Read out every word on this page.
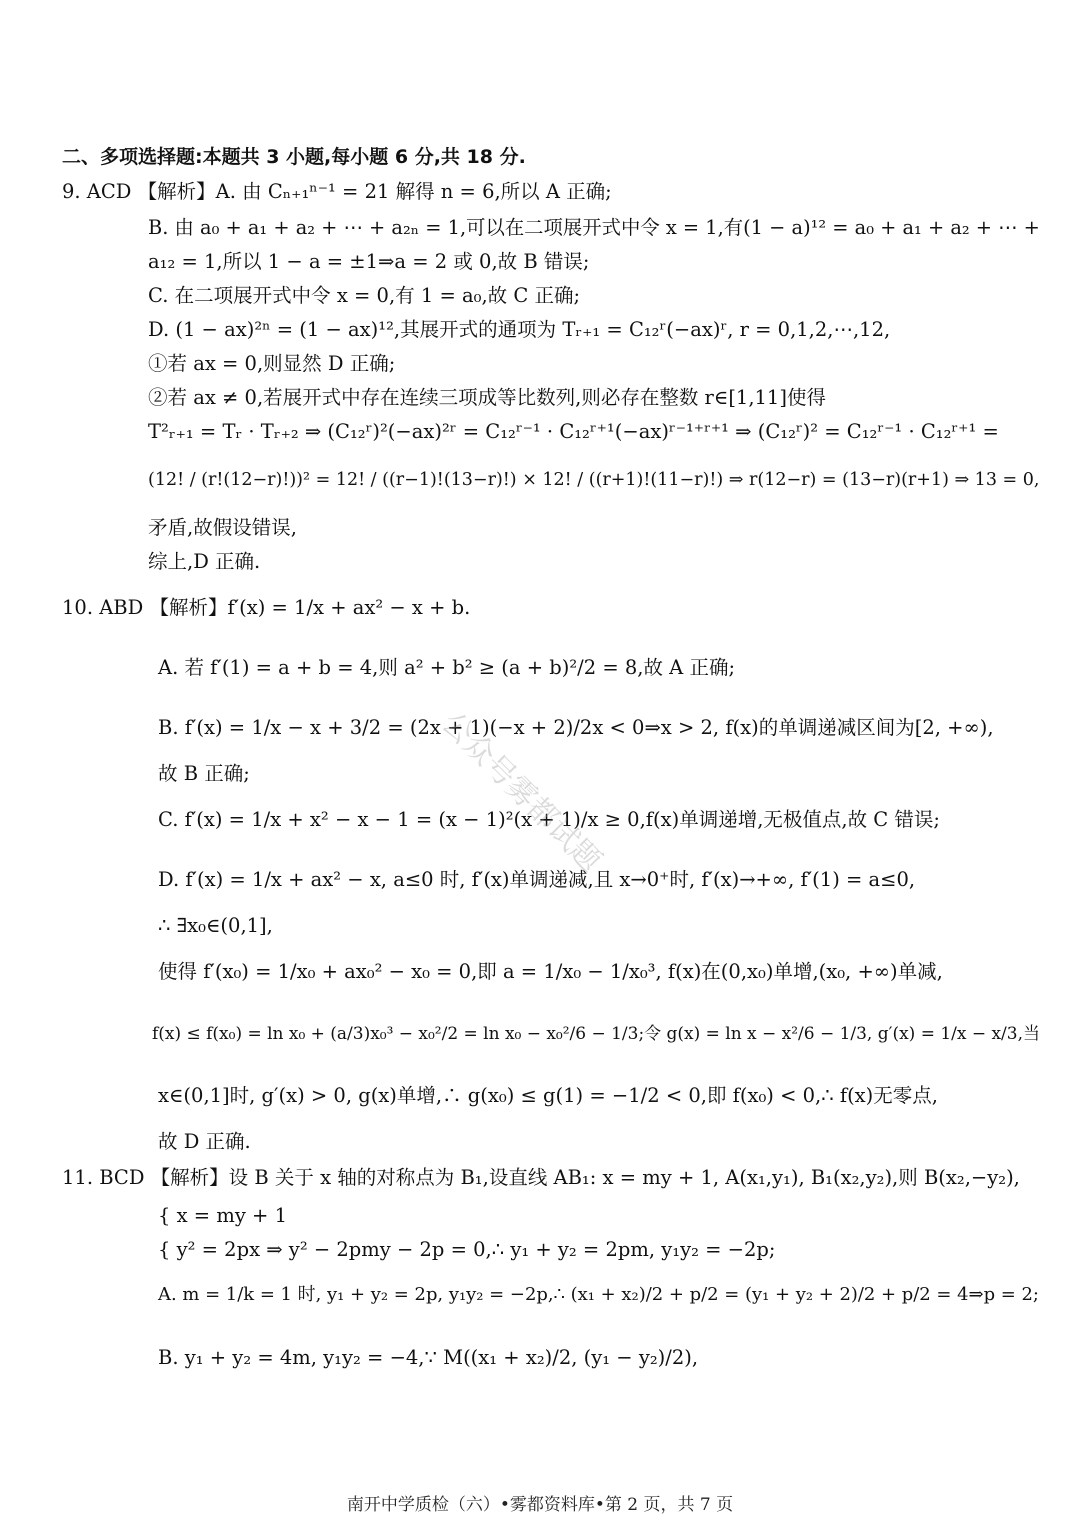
二、多项选择题:本题共 3 小题,每小题 6 分,共 18 分.
9. ACD 【解析】A. 由 Cₙ₊₁ⁿ⁻¹ = 21 解得 n = 6,所以 A 正确;
B. 由 a₀ + a₁ + a₂ + ⋯ + a₂ₙ = 1,可以在二项展开式中令 x = 1,有(1 − a)¹² = a₀ + a₁ + a₂ + ⋯ +
a₁₂ = 1,所以 1 − a = ±1⇒a = 2 或 0,故 B 错误;
C. 在二项展开式中令 x = 0,有 1 = a₀,故 C 正确;
D. (1 − ax)²ⁿ = (1 − ax)¹²,其展开式的通项为 Tᵣ₊₁ = C₁₂ʳ(−ax)ʳ, r = 0,1,2,⋯,12,
①若 ax = 0,则显然 D 正确;
②若 ax ≠ 0,若展开式中存在连续三项成等比数列,则必存在整数 r∈[1,11]使得
T²ᵣ₊₁ = Tᵣ · Tᵣ₊₂ ⇒ (C₁₂ʳ)²(−ax)²ʳ = C₁₂ʳ⁻¹ · C₁₂ʳ⁺¹(−ax)ʳ⁻¹⁺ʳ⁺¹ ⇒ (C₁₂ʳ)² = C₁₂ʳ⁻¹ · C₁₂ʳ⁺¹ =
(12! / (r!(12−r)!))² = 12! / ((r−1)!(13−r)!) × 12! / ((r+1)!(11−r)!) ⇒ r(12−r) = (13−r)(r+1) ⇒ 13 = 0,
矛盾,故假设错误,
综上,D 正确.
10. ABD 【解析】f′(x) = 1/x + ax² − x + b.
A. 若 f′(1) = a + b = 4,则 a² + b² ≥ (a + b)²/2 = 8,故 A 正确;
B. f′(x) = 1/x − x + 3/2 = (2x + 1)(−x + 2)/2x < 0⇒x > 2, f(x)的单调递减区间为[2, +∞),
故 B 正确;
C. f′(x) = 1/x + x² − x − 1 = (x − 1)²(x + 1)/x ≥ 0,f(x)单调递增,无极值点,故 C 错误;
D. f′(x) = 1/x + ax² − x, a≤0 时, f′(x)单调递减,且 x→0⁺时, f′(x)→+∞, f′(1) = a≤0,
∴ ∃x₀∈(0,1],
使得 f′(x₀) = 1/x₀ + ax₀² − x₀ = 0,即 a = 1/x₀ − 1/x₀³, f(x)在(0,x₀)单增,(x₀, +∞)单减,
f(x) ≤ f(x₀) = ln x₀ + (a/3)x₀³ − x₀²/2 = ln x₀ − x₀²/6 − 1/3;令 g(x) = ln x − x²/6 − 1/3, g′(x) = 1/x − x/3,当
x∈(0,1]时, g′(x) > 0, g(x)单增,∴ g(x₀) ≤ g(1) = −1/2 < 0,即 f(x₀) < 0,∴ f(x)无零点,
故 D 正确.
11. BCD 【解析】设 B 关于 x 轴的对称点为 B₁,设直线 AB₁: x = my + 1, A(x₁,y₁), B₁(x₂,y₂),则 B(x₂,−y₂),
{ x = my + 1
{ y² = 2px ⇒ y² − 2pmy − 2p = 0,∴ y₁ + y₂ = 2pm, y₁y₂ = −2p;
A. m = 1/k = 1 时, y₁ + y₂ = 2p, y₁y₂ = −2p,∴ (x₁ + x₂)/2 + p/2 = (y₁ + y₂ + 2)/2 + p/2 = 4⇒p = 2;
B. y₁ + y₂ = 4m, y₁y₂ = −4,∵ M((x₁ + x₂)/2, (y₁ − y₂)/2),
公众号雾都试题
南开中学质检（六）•雾都资料库•第 2 页，共 7 页
